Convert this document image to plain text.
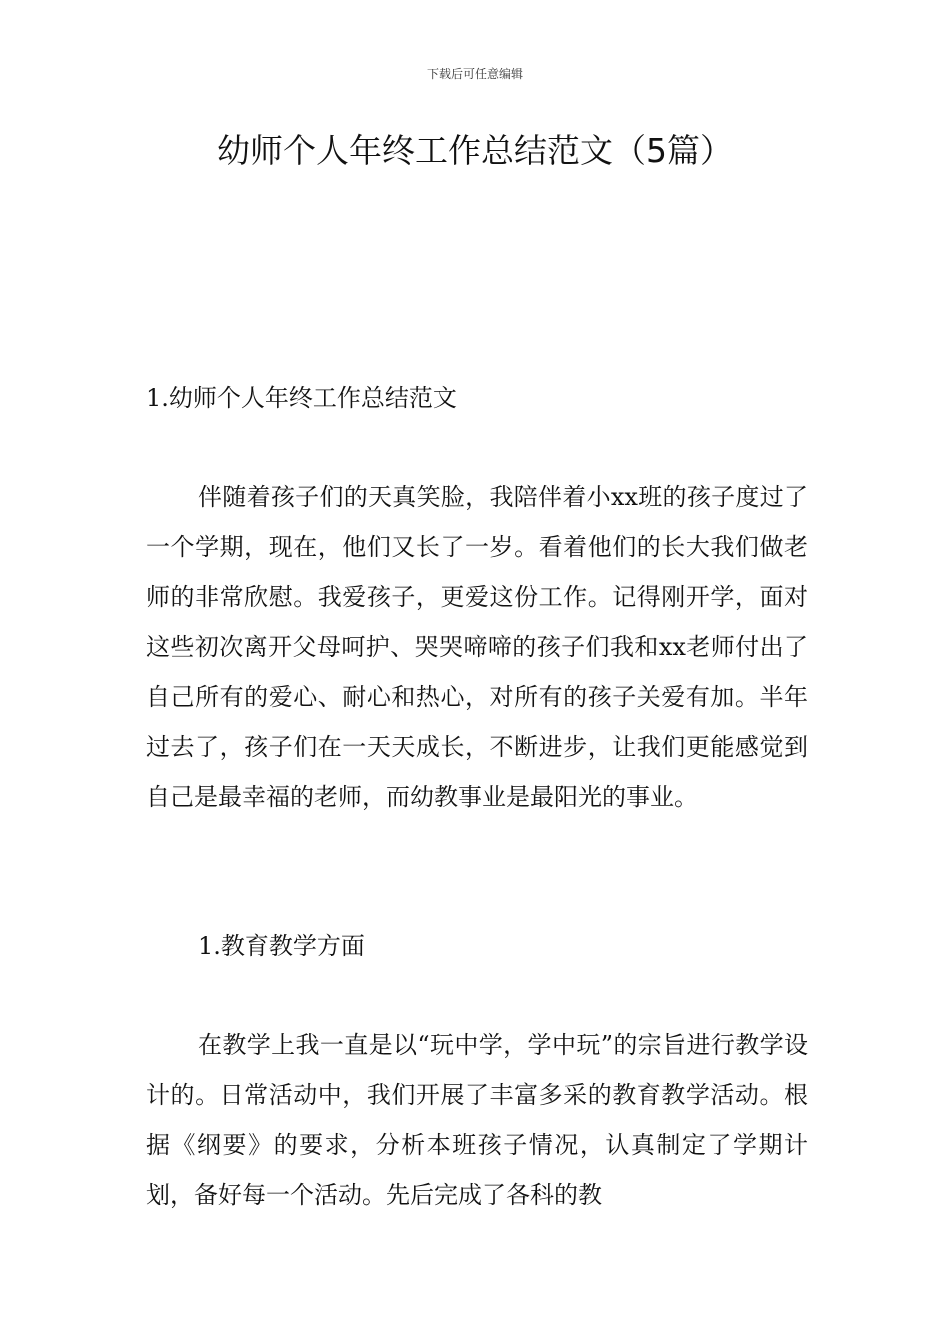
下载后可任意编辑
幼师个人年终工作总结范文（5篇）
1.幼师个人年终工作总结范文

伴随着孩子们的天真笑脸，我陪伴着小xx班的孩子度过了一个学期，现在，他们又长了一岁。看着他们的长大我们做老师的非常欣慰。我爱孩子，更爱这份工作。记得刚开学，面对这些初次离开父母呵护、哭哭啼啼的孩子们我和xx老师付出了自己所有的爱心、耐心和热心，对所有的孩子关爱有加。半年过去了，孩子们在一天天成长，不断进步，让我们更能感觉到自己是最幸福的老师，而幼教事业是最阳光的事业。

1.教育教学方面

在教学上我一直是以“玩中学，学中玩”的宗旨进行教学设计的。日常活动中，我们开展了丰富多采的教育教学活动。根据《纲要》的要求，分析本班孩子情况，认真制定了学期计划，备好每一个活动。先后完成了各科的教
